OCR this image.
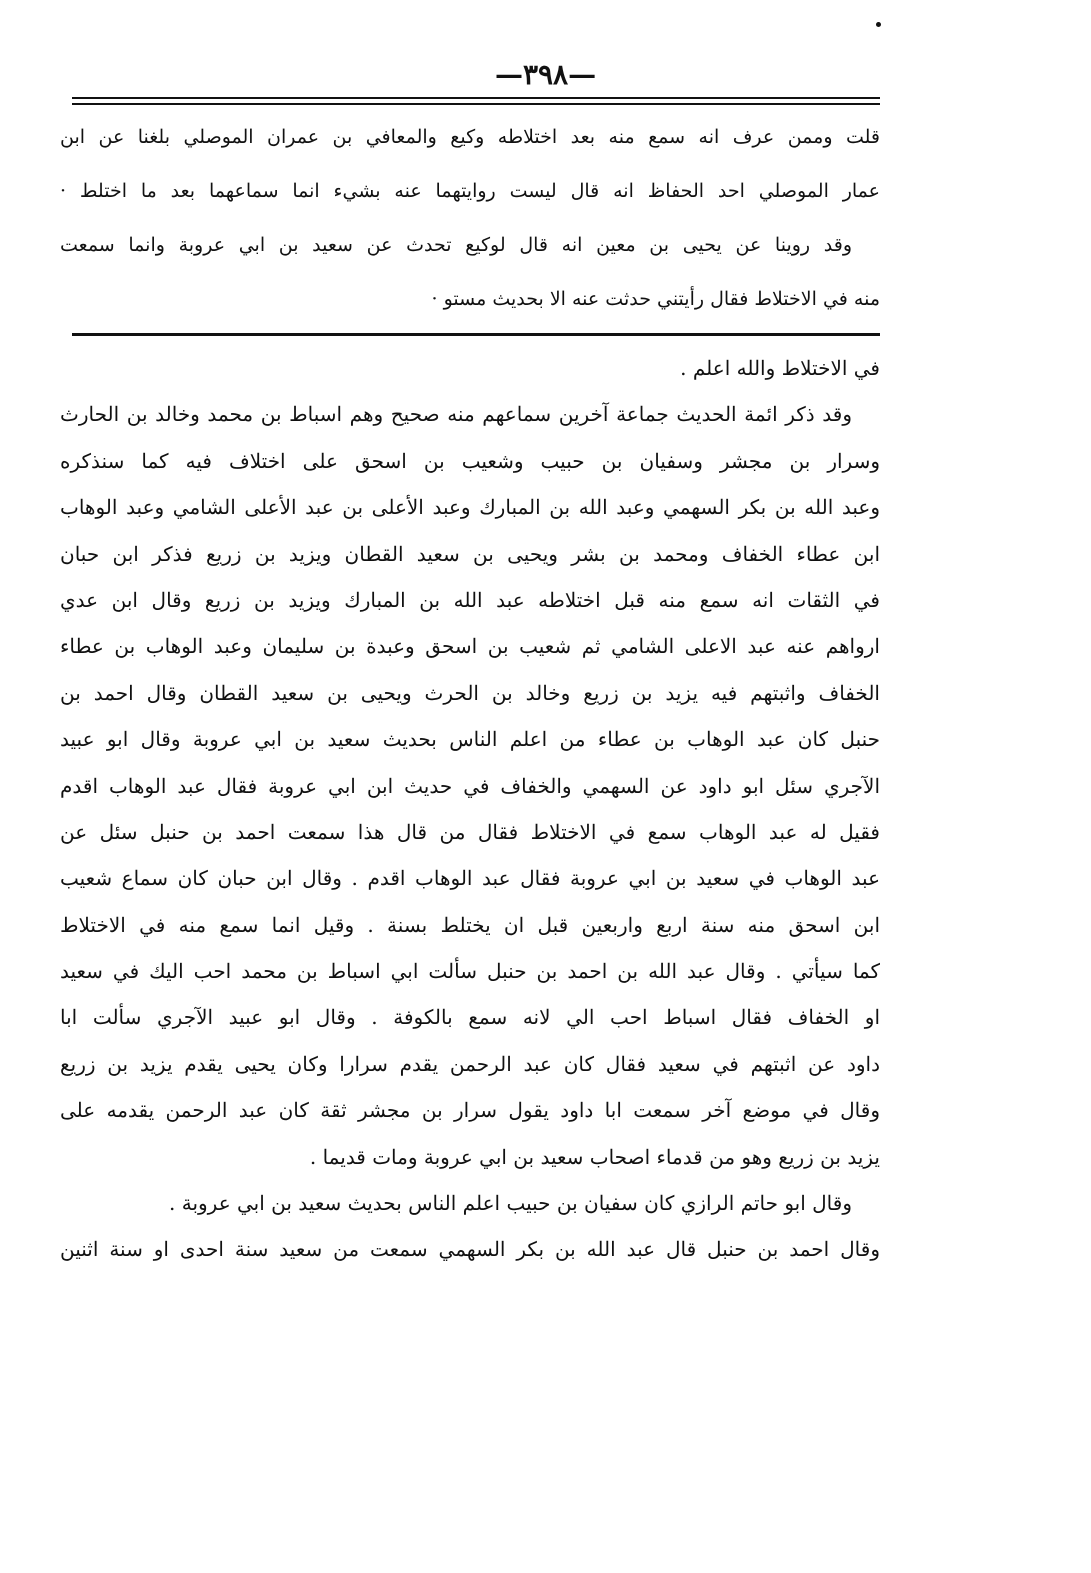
—٣٩٨—
قلت وممن عرف انه سمع منه بعد اختلاطه وكيع والمعافي بن عمران الموصلي بلغنا عن ابن
عمار الموصلي احد الحفاظ انه قال ليست روايتهما عنه بشيء انما سماعهما بعد ما اختلط ·
وقد روينا عن يحيى بن معين انه قال لوكيع تحدث عن سعيد بن ابي عروبة وانما سمعت
منه في الاختلاط فقال رأيتني حدثت عنه الا بحديث مستو ·
في الاختلاط والله اعلم .
وقد ذكر ائمة الحديث جماعة آخرين سماعهم منه صحيح وهم اسباط بن محمد وخالد بن الحارث
وسرار بن مجشر وسفيان بن حبيب وشعيب بن اسحق على اختلاف فيه كما سنذكره
وعبد الله بن بكر السهمي وعبد الله بن المبارك وعبد الأعلى بن عبد الأعلى الشامي وعبد الوهاب
ابن عطاء الخفاف ومحمد بن بشر ويحيى بن سعيد القطان ويزيد بن زريع فذكر ابن حبان
في الثقات انه سمع منه قبل اختلاطه عبد الله بن المبارك ويزيد بن زريع وقال ابن عدي
ارواهم عنه عبد الاعلى الشامي ثم شعيب بن اسحق وعبدة بن سليمان وعبد الوهاب بن عطاء
الخفاف واثبتهم فيه يزيد بن زريع وخالد بن الحرث ويحيى بن سعيد القطان وقال احمد بن
حنبل كان عبد الوهاب بن عطاء من اعلم الناس بحديث سعيد بن ابي عروبة وقال ابو عبيد
الآجري سئل ابو داود عن السهمي والخفاف في حديث ابن ابي عروبة فقال عبد الوهاب اقدم
فقيل له عبد الوهاب سمع في الاختلاط فقال من قال هذا سمعت احمد بن حنبل سئل عن
عبد الوهاب في سعيد بن ابي عروبة فقال عبد الوهاب اقدم . وقال ابن حبان كان سماع شعيب
ابن اسحق منه سنة اربع واربعين قبل ان يختلط بسنة . وقيل انما سمع منه في الاختلاط
كما سيأتي . وقال عبد الله بن احمد بن حنبل سألت ابي اسباط بن محمد احب اليك في سعيد
او الخفاف فقال اسباط احب الي لانه سمع بالكوفة . وقال ابو عبيد الآجري سألت ابا
داود عن اثبتهم في سعيد فقال كان عبد الرحمن يقدم سرارا وكان يحيى يقدم يزيد بن زريع
وقال في موضع آخر سمعت ابا داود يقول سرار بن مجشر ثقة كان عبد الرحمن يقدمه على
يزيد بن زريع وهو من قدماء اصحاب سعيد بن ابي عروبة ومات قديما .
وقال ابو حاتم الرازي كان سفيان بن حبيب اعلم الناس بحديث سعيد بن ابي عروبة .
وقال احمد بن حنبل قال عبد الله بن بكر السهمي سمعت من سعيد سنة احدى او سنة اثنين
